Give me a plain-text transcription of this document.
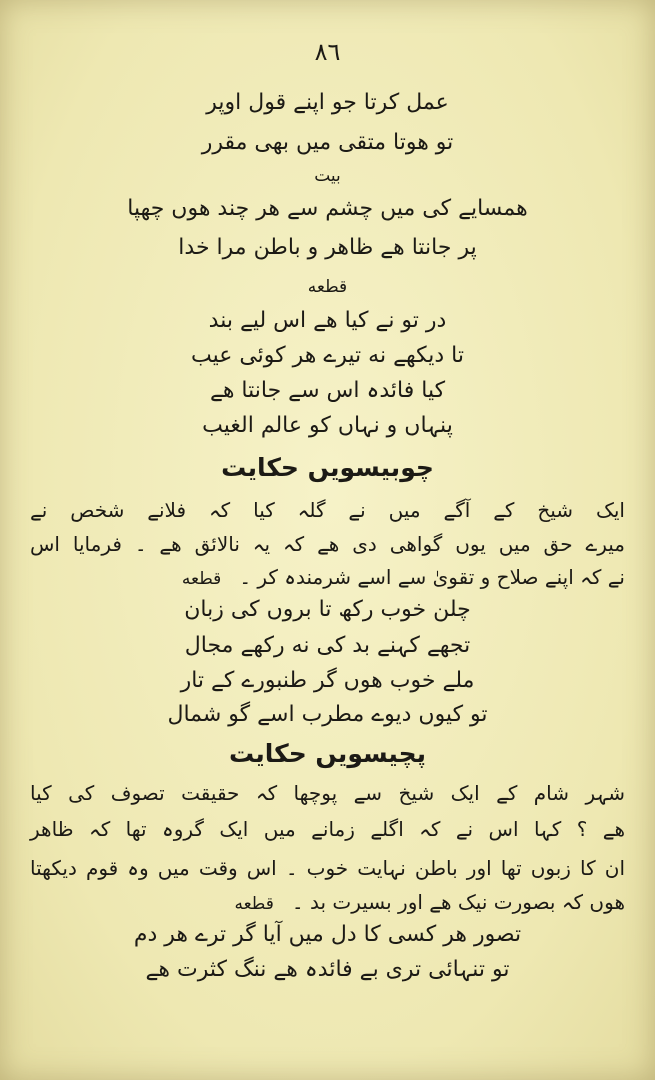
۸٦
عمل کرتا جو اپنے قول اوپر
تو ھوتا متقی میں بھی مقرر
بیت
ھمسایے کی میں چشم سے ھر چند ھوں چھپا
پر جانتا ھے ظاھر و باطن مرا خدا
قطعه
در تو نے کیا ھے اس لیے بند
تا دیکھے نه تیرے ھر کوئی عیب
کیا فائدہ اس سے جانتا ھے
پنہاں و نہاں کو عالم الغیب
چوبیسویں حکایت
ایک شیخ کے آگے میں نے گلہ کیا کہ فلانے شخص نے
میرے حق میں یوں گواھی دی ھے کہ یہ نالائق ھے ۔ فرمایا اس
نے کہ اپنے صلاح و تقویٰ سے اسے شرمندہ کر ۔قطعه
چلن خوب رکھ تا بروں کی زبان
تجھے کہنے بد کی نه رکھے مجال
ملے خوب ھوں گر طنبورے کے تار
تو کیوں دیوے مطرب اسے گو شمال
پچیسویں حکایت
شہر شام کے ایک شیخ سے پوچھا کہ حقیقت تصوف کی کیا
ھے ؟ کہا اس نے کہ اگلے زمانے میں ایک گروہ تھا کہ ظاھر
ان کا زبوں تھا اور باطن نہایت خوب ۔ اس وقت میں وہ قوم دیکھتا
ھوں کہ بصورت نیک ھے اور بسیرت بد ۔قطعه
تصور ھر کسی کا دل میں آیا گر ترے ھر دم
تو تنہائی تری بے فائدہ ھے ننگ کثرت ھے
